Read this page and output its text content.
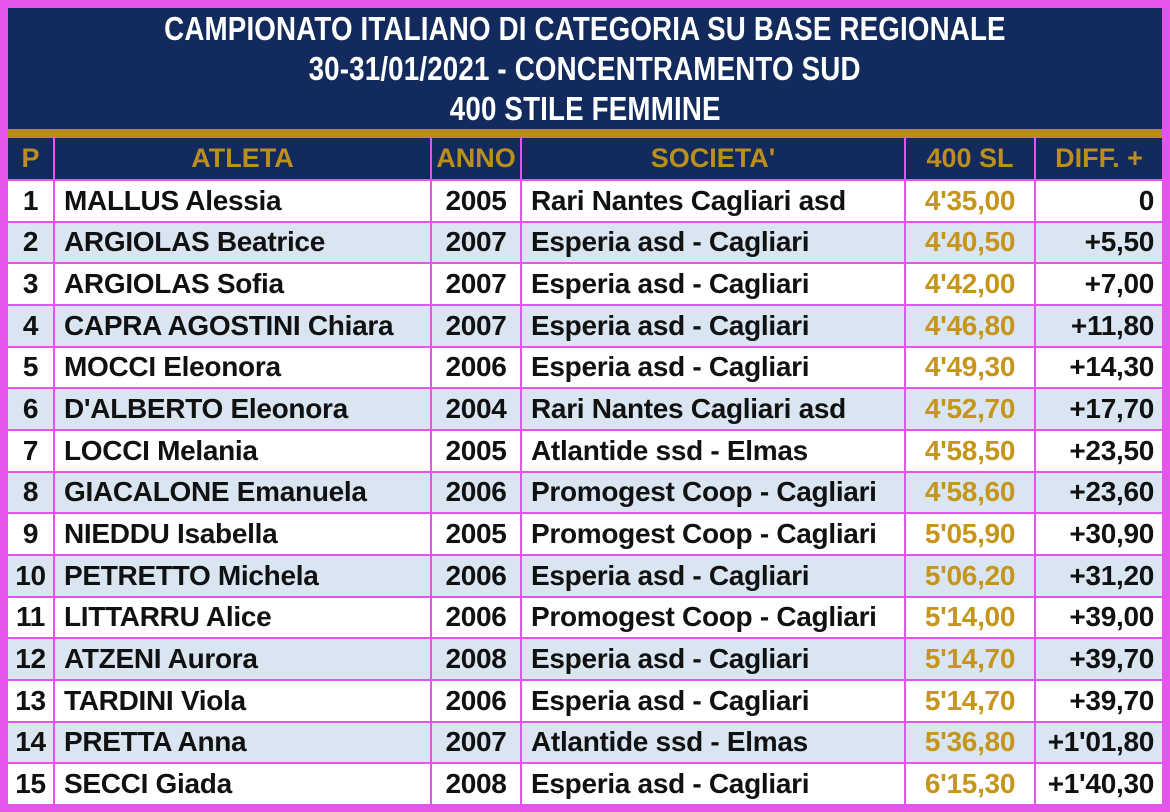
CAMPIONATO ITALIANO DI CATEGORIA SU BASE REGIONALE
30-31/01/2021 - CONCENTRAMENTO SUD
400 STILE FEMMINE
P	ATLETA	ANNO	SOCIETA'	400 SL	DIFF. +
1 MALLUS Alessia	2005 Rari Nantes Cagliari asd	4'35,00	0
2 ARGIOLAS Beatrice	2007 Esperia asd - Cagliari	4'40,50	+5,50
3 ARGIOLAS Sofia	2007 Esperia asd - Cagliari	4'42,00	+7,00
4 CAPRA AGOSTINI Chiara	2007 Esperia asd - Cagliari	4'46,80	+11,80
5 MOCCI Eleonora	2006 Esperia asd - Cagliari	4'49,30	+14,30
6 D'ALBERTO Eleonora	2004 Rari Nantes Cagliari asd	4'52,70	+17,70
7 LOCCI Melania	2005 Atlantide ssd - Elmas	4'58,50	+23,50
8 GIACALONE Emanuela	2006 Promogest Coop - Cagliari	4'58,60	+23,60
9 NIEDDU Isabella	2005 Promogest Coop - Cagliari	5'05,90	+30,90
10 PETRETTO Michela	2006 Esperia asd - Cagliari	5'06,20	+31,20
11 LITTARRU Alice	2006 Promogest Coop - Cagliari	5'14,00	+39,00
12 ATZENI Aurora	2008 Esperia asd - Cagliari	5'14,70	+39,70
13 TARDINI Viola	2006 Esperia asd - Cagliari	5'14,70	+39,70
14 PRETTA Anna	2007 Atlantide ssd - Elmas	5'36,80	+1'01,80
15 SECCI Giada	2008 Esperia asd - Cagliari	6'15,30	+1'40,30
